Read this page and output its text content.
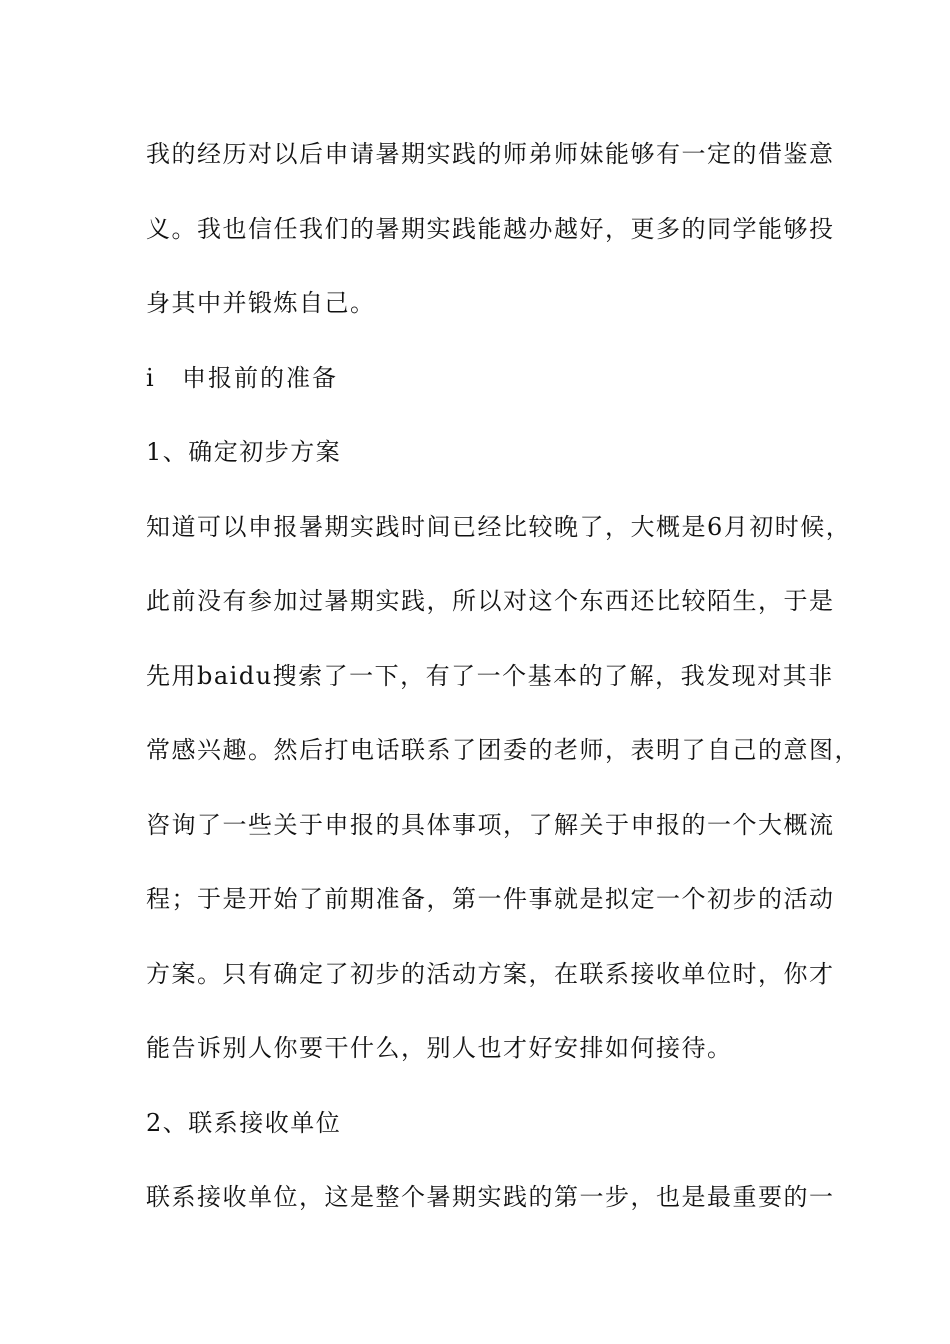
我的经历对以后申请暑期实践的师弟师妹能够有一定的借鉴意
义。我也信任我们的暑期实践能越办越好，更多的同学能够投
身其中并锻炼自己。
i 申报前的准备
1、确定初步方案
知道可以申报暑期实践时间已经比较晚了，大概是6月初时候，
此前没有参加过暑期实践，所以对这个东西还比较陌生，于是
先用baidu搜索了一下，有了一个基本的了解，我发现对其非
常感兴趣。然后打电话联系了团委的老师，表明了自己的意图，
咨询了一些关于申报的具体事项，了解关于申报的一个大概流
程；于是开始了前期准备，第一件事就是拟定一个初步的活动
方案。只有确定了初步的活动方案，在联系接收单位时，你才
能告诉别人你要干什么，别人也才好安排如何接待。
2、联系接收单位
联系接收单位，这是整个暑期实践的第一步，也是最重要的一
